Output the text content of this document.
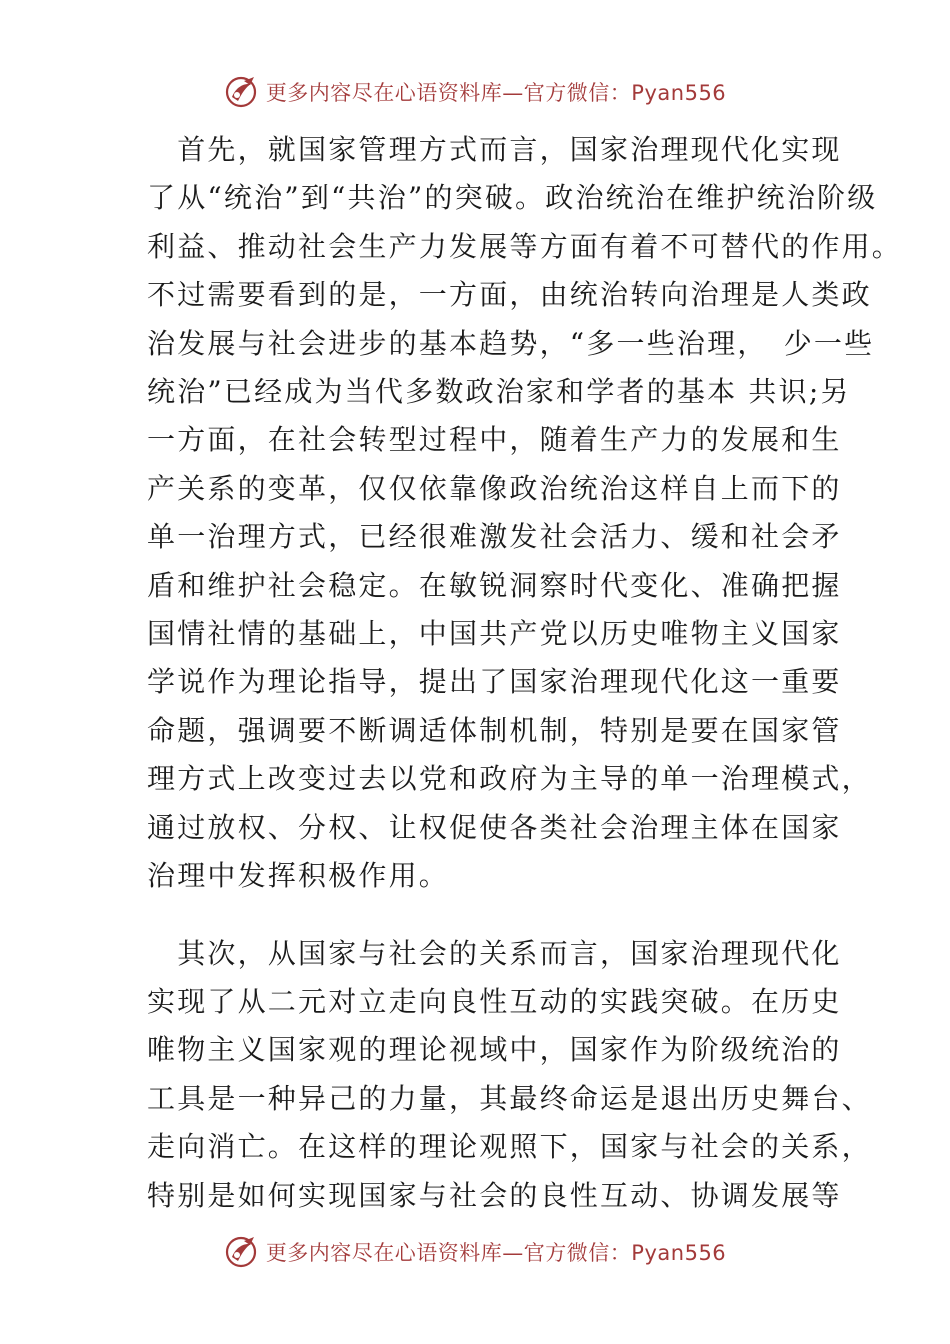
更多内容尽在心语资料库—官方微信：Pyan556
　首先，就国家管理方式而言，国家治理现代化实现
了从“统治”到“共治”的突破。政治统治在维护统治阶级
利益、推动社会生产力发展等方面有着不可替代的作用。
不过需要看到的是，一方面，由统治转向治理是人类政
治发展与社会进步的基本趋势，“多一些治理，　少一些
统治”已经成为当代多数政治家和学者的基本 共识;另
一方面，在社会转型过程中，随着生产力的发展和生
产关系的变革，仅仅依靠像政治统治这样自上而下的
单一治理方式，已经很难激发社会活力、缓和社会矛
盾和维护社会稳定。在敏锐洞察时代变化、准确把握
国情社情的基础上，中国共产党以历史唯物主义国家
学说作为理论指导，提出了国家治理现代化这一重要
命题，强调要不断调适体制机制，特别是要在国家管
理方式上改变过去以党和政府为主导的单一治理模式，
通过放权、分权、让权促使各类社会治理主体在国家
治理中发挥积极作用。
　其次，从国家与社会的关系而言，国家治理现代化
实现了从二元对立走向良性互动的实践突破。在历史
唯物主义国家观的理论视域中，国家作为阶级统治的
工具是一种异己的力量，其最终命运是退出历史舞台、
走向消亡。在这样的理论观照下，国家与社会的关系，
特别是如何实现国家与社会的良性互动、协调发展等
更多内容尽在心语资料库—官方微信：Pyan556
